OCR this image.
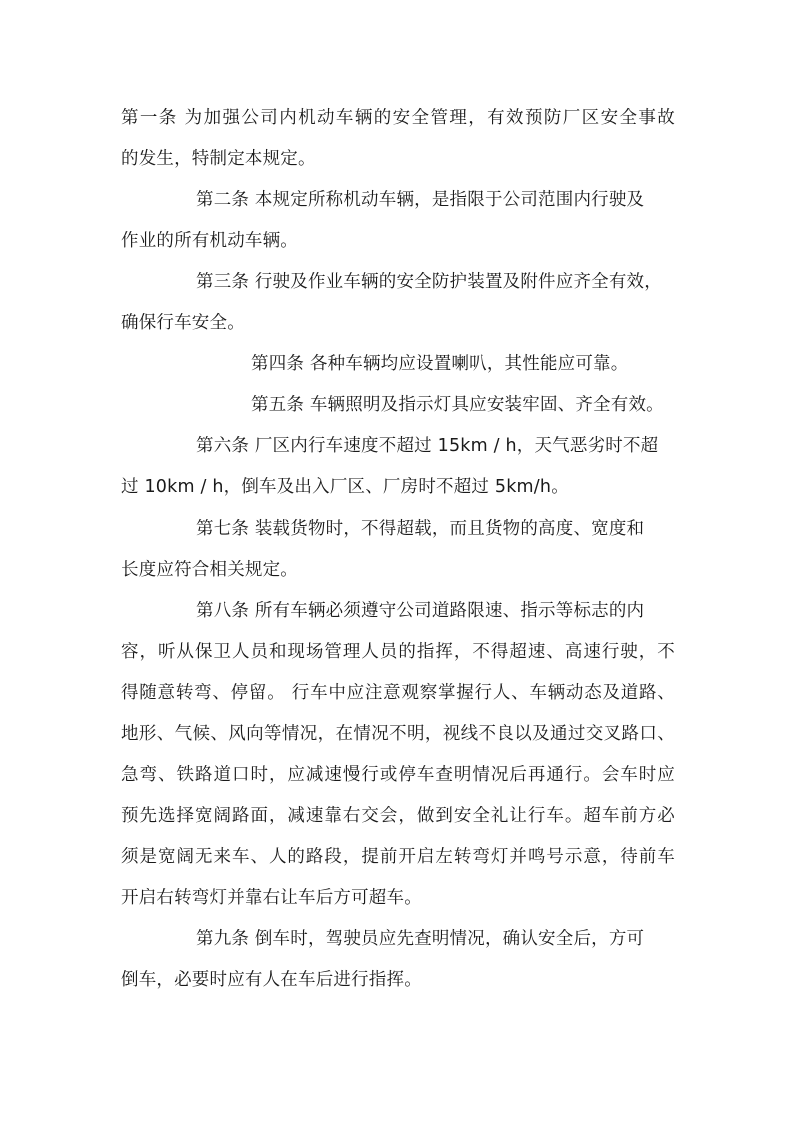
第一条 为加强公司内机动车辆的安全管理，有效预防厂区安全事故
的发生，特制定本规定。
第二条 本规定所称机动车辆，是指限于公司范围内行驶及
作业的所有机动车辆。
第三条 行驶及作业车辆的安全防护装置及附件应齐全有效，
确保行车安全。
第四条 各种车辆均应设置喇叭，其性能应可靠。
第五条 车辆照明及指示灯具应安装牢固、齐全有效。
第六条 厂区内行车速度不超过 15km / h，天气恶劣时不超
过 10km / h，倒车及出入厂区、厂房时不超过 5km/h。
第七条 装载货物时，不得超载，而且货物的高度、宽度和
长度应符合相关规定。
第八条 所有车辆必须遵守公司道路限速、指示等标志的内
容，听从保卫人员和现场管理人员的指挥，不得超速、高速行驶，不
得随意转弯、停留。 行车中应注意观察掌握行人、车辆动态及道路、
地形、气候、风向等情况，在情况不明，视线不良以及通过交叉路口、
急弯、铁路道口时，应减速慢行或停车查明情况后再通行。会车时应
预先选择宽阔路面，减速靠右交会，做到安全礼让行车。超车前方必
须是宽阔无来车、人的路段，提前开启左转弯灯并鸣号示意，待前车
开启右转弯灯并靠右让车后方可超车。
第九条 倒车时，驾驶员应先查明情况，确认安全后，方可
倒车，必要时应有人在车后进行指挥。
